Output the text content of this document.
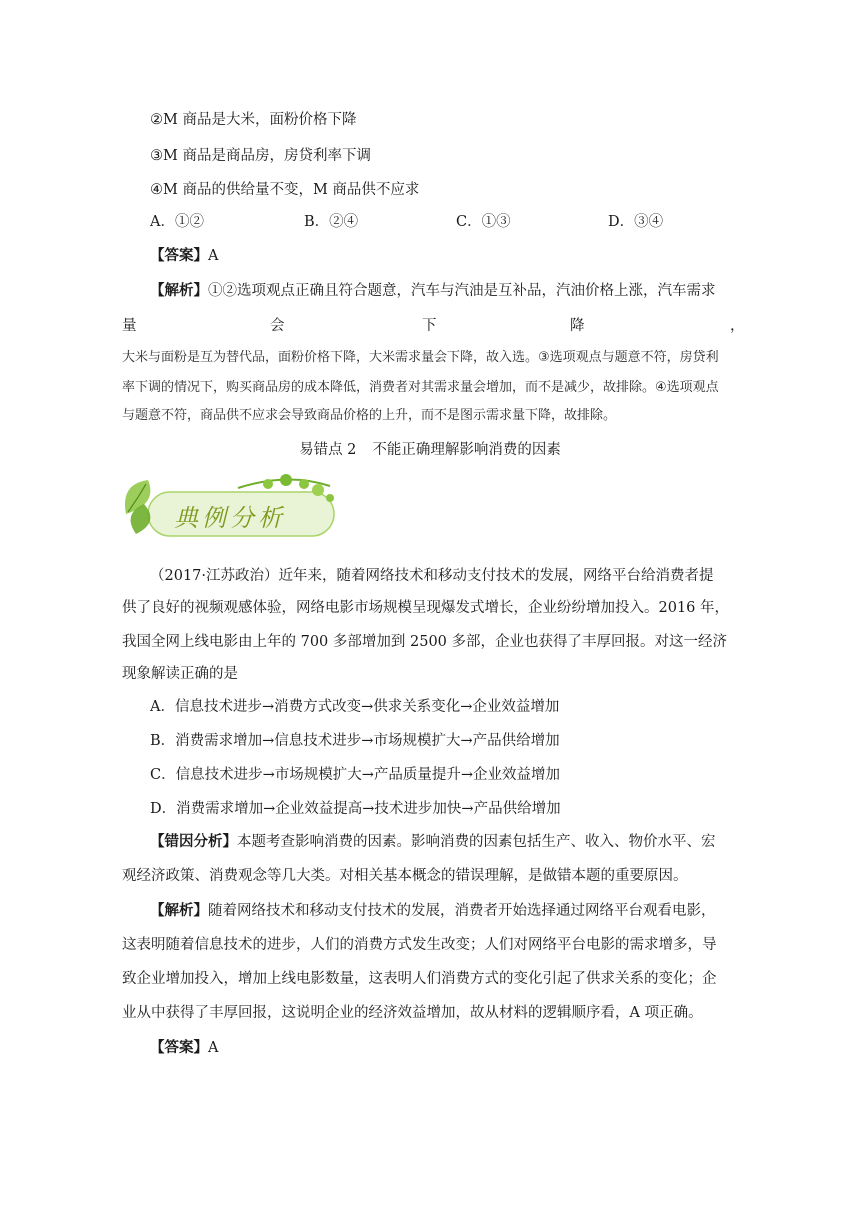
②M 商品是大米，面粉价格下降
③M 商品是商品房，房贷利率下调
④M 商品的供给量不变，M 商品供不应求
A．①②	B．②④	C．①③	D．③④
【答案】A
【解析】①②选项观点正确且符合题意，汽车与汽油是互补品，汽油价格上涨，汽车需求
量	会	下	降	，
大米与面粉是互为替代品，面粉价格下降，大米需求量会下降，故入选。③选项观点与题意不符，房贷利
率下调的情况下，购买商品房的成本降低，消费者对其需求量会增加，而不是减少，故排除。④选项观点
与题意不符，商品供不应求会导致商品价格的上升，而不是图示需求量下降，故排除。
易错点 2 不能正确理解影响消费的因素
典例分析
（2017·江苏政治）近年来，随着网络技术和移动支付技术的发展，网络平台给消费者提
供了良好的视频观感体验，网络电影市场规模呈现爆发式增长，企业纷纷增加投入。2016 年，
我国全网上线电影由上年的 700 多部增加到 2500 多部，企业也获得了丰厚回报。对这一经济
现象解读正确的是
A．信息技术进步→消费方式改变→供求关系变化→企业效益增加
B．消费需求增加→信息技术进步→市场规模扩大→产品供给增加
C．信息技术进步→市场规模扩大→产品质量提升→企业效益增加
D．消费需求增加→企业效益提高→技术进步加快→产品供给增加
【错因分析】本题考查影响消费的因素。影响消费的因素包括生产、收入、物价水平、宏
观经济政策、消费观念等几大类。对相关基本概念的错误理解，是做错本题的重要原因。
【解析】随着网络技术和移动支付技术的发展，消费者开始选择通过网络平台观看电影，
这表明随着信息技术的进步，人们的消费方式发生改变；人们对网络平台电影的需求增多，导
致企业增加投入，增加上线电影数量，这表明人们消费方式的变化引起了供求关系的变化；企
业从中获得了丰厚回报，这说明企业的经济效益增加，故从材料的逻辑顺序看，A 项正确。
【答案】A
